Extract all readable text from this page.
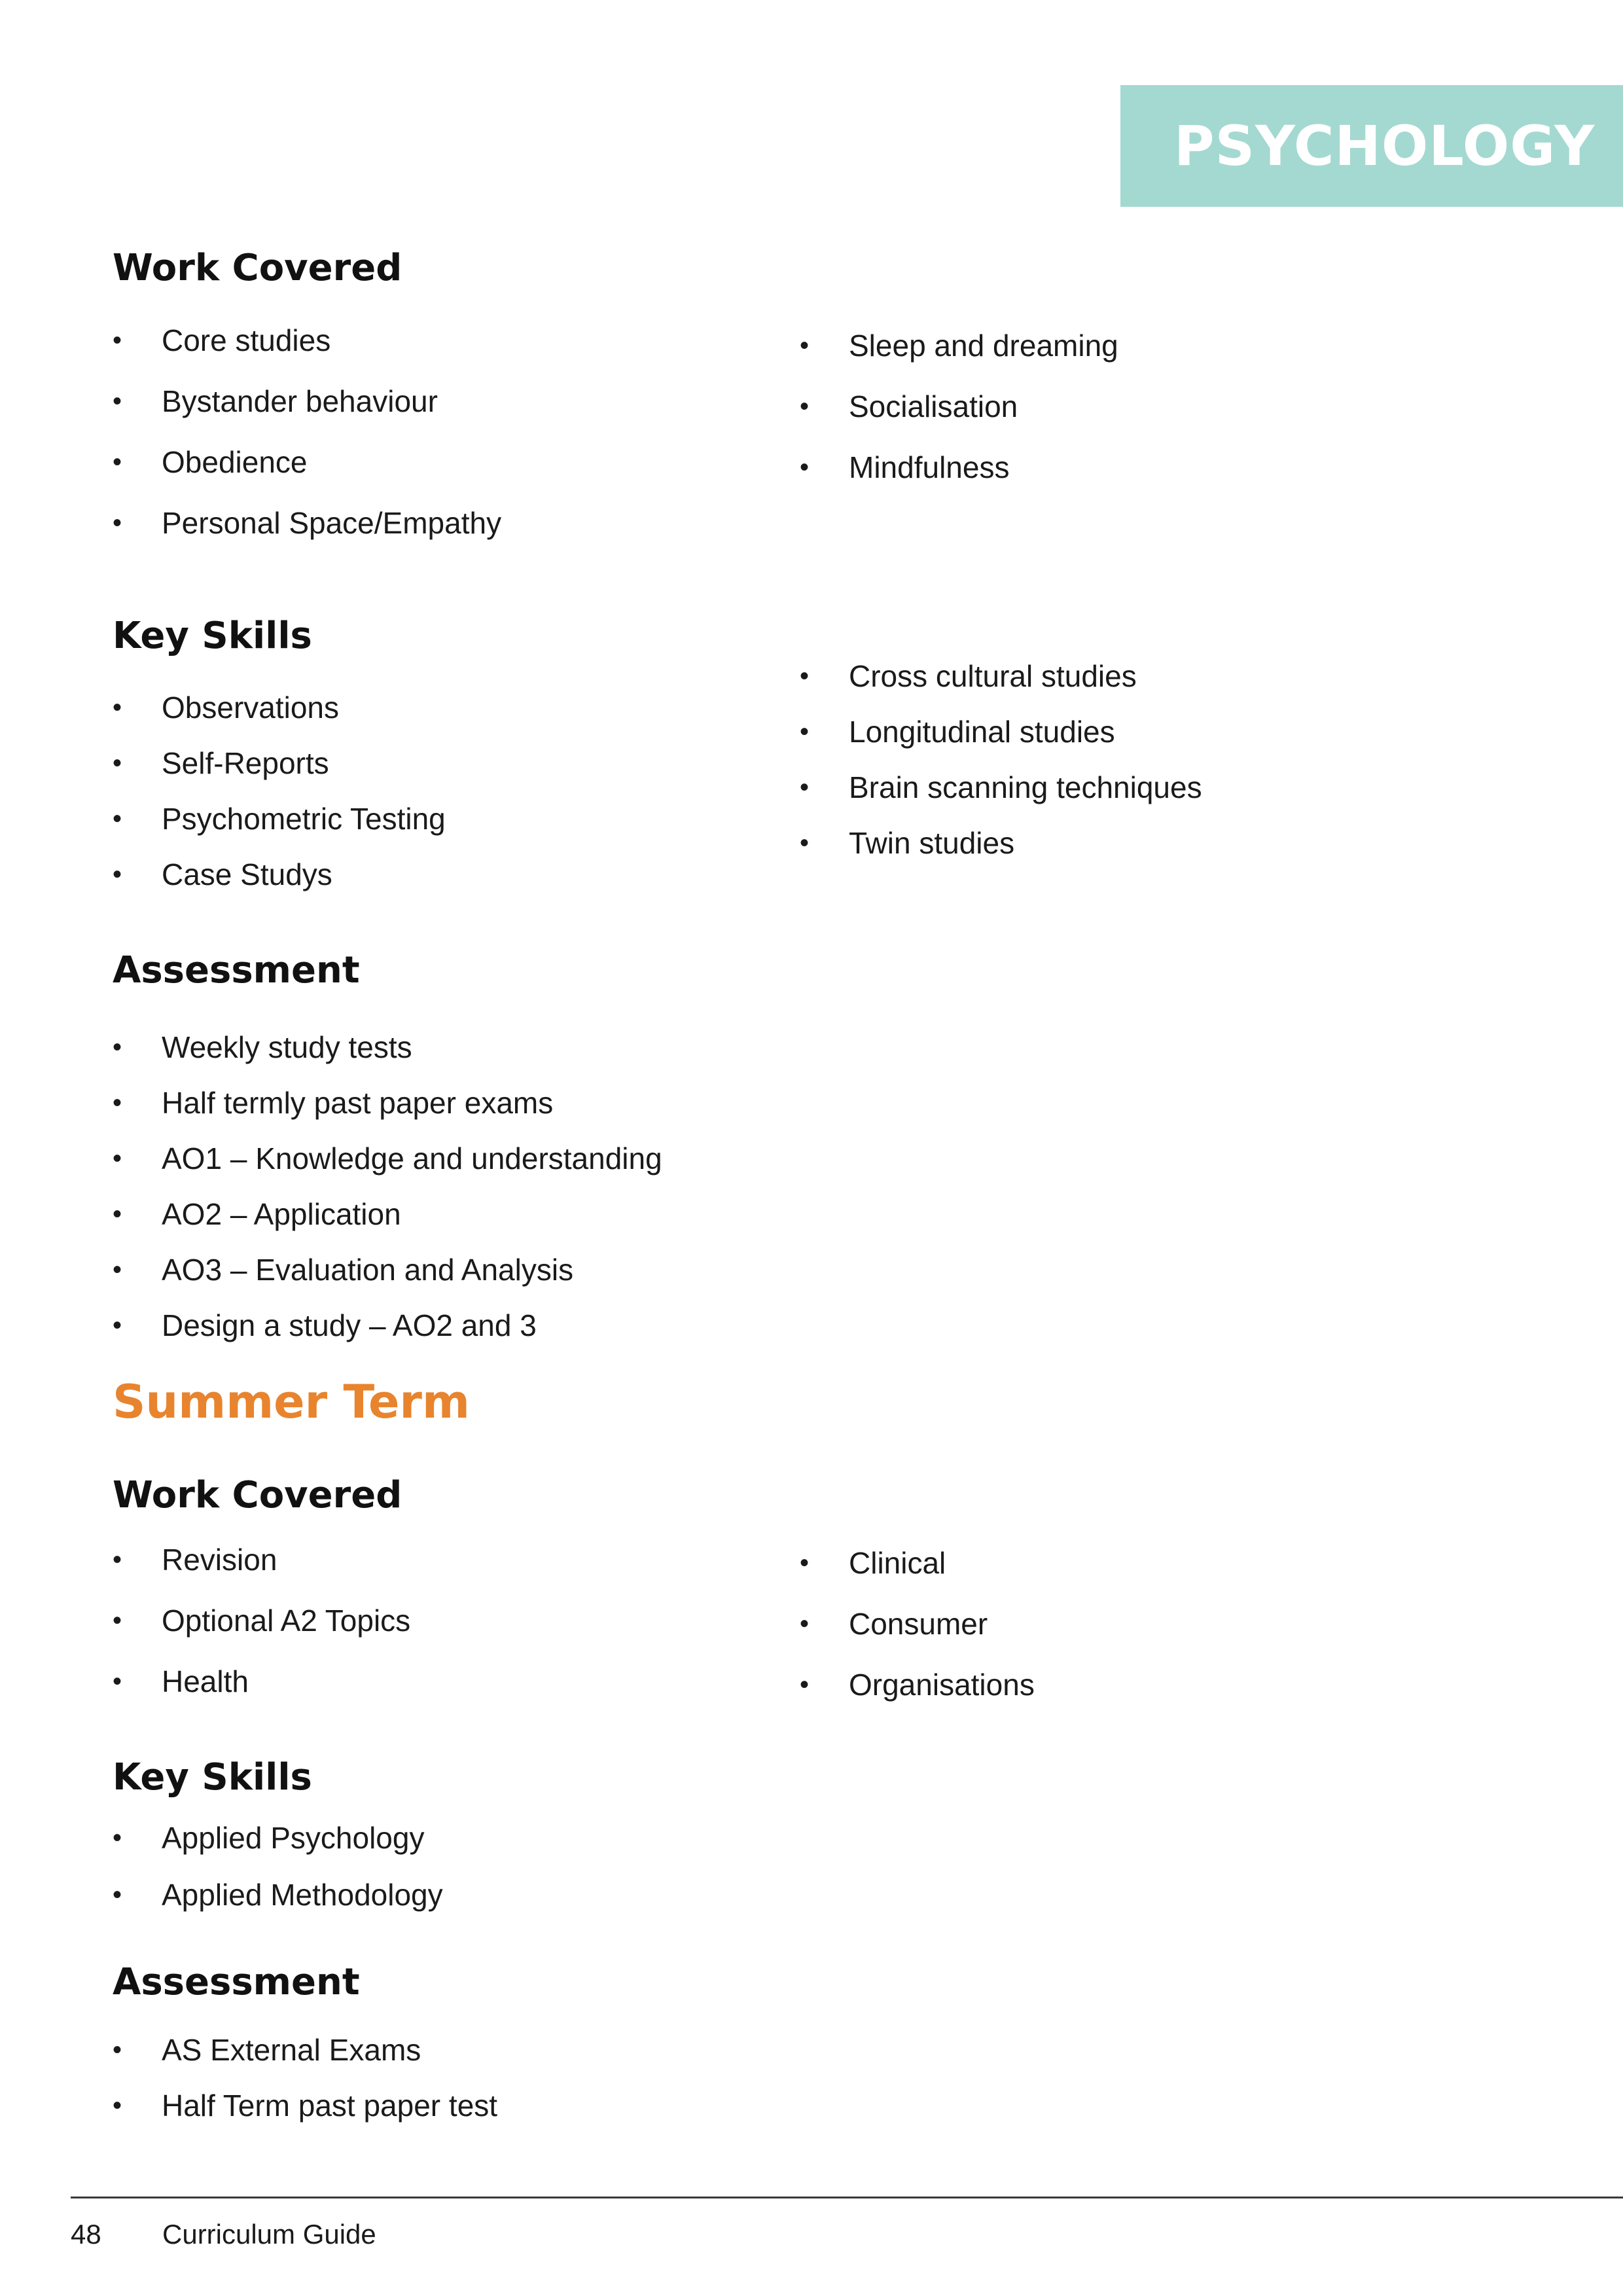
PSYCHOLOGY
Work Covered
• Core studies
• Bystander behaviour
• Obedience
• Personal Space/Empathy
• Sleep and dreaming
• Socialisation
• Mindfulness
Key Skills
• Observations
• Self-Reports
• Psychometric Testing
• Case Studys
• Cross cultural studies
• Longitudinal studies
• Brain scanning techniques
• Twin studies
Assessment
• Weekly study tests
• Half termly past paper exams
• AO1 – Knowledge and understanding
• AO2 – Application
• AO3 – Evaluation and Analysis
• Design a study – AO2 and 3
Summer Term
Work Covered
• Revision
• Optional A2 Topics
• Health
• Clinical
• Consumer
• Organisations
Key Skills
• Applied Psychology
• Applied Methodology
Assessment
• AS External Exams
• Half Term past paper test
48 Curriculum Guide
